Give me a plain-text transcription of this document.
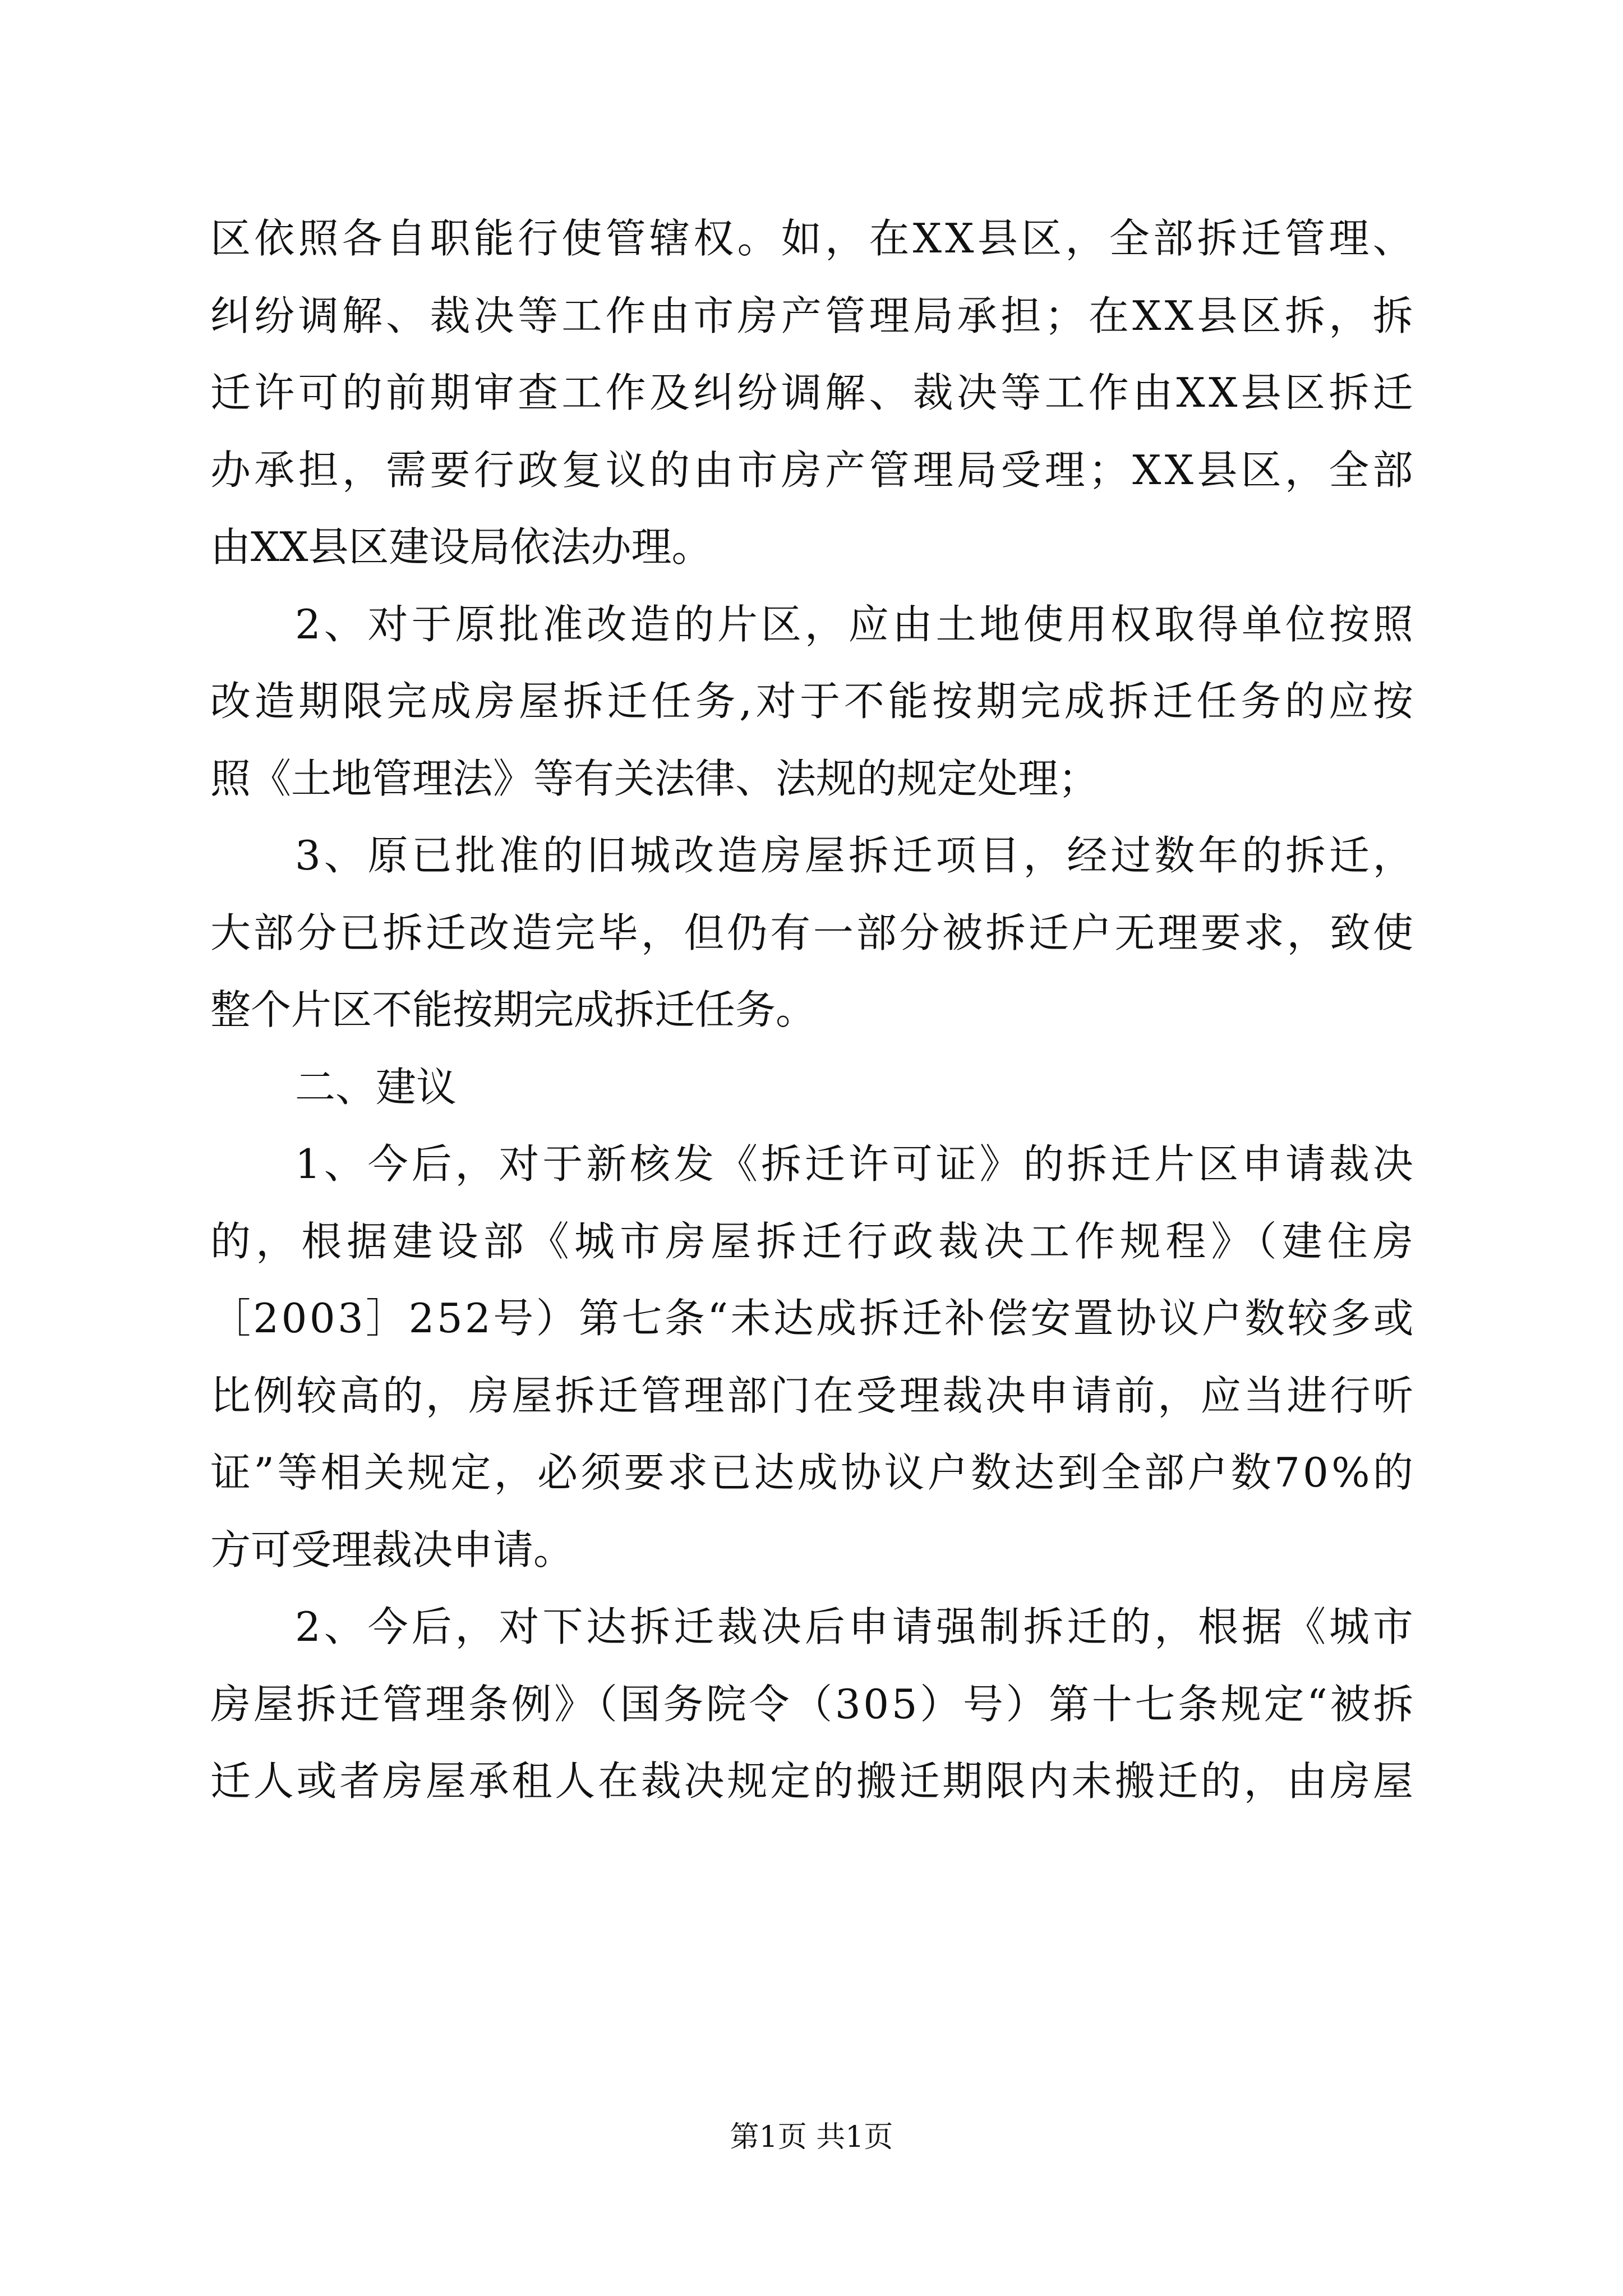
区依照各自职能行使管辖权。如，在XX县区，全部拆迁管理、
纠纷调解、裁决等工作由市房产管理局承担；在XX县区拆，拆
迁许可的前期审查工作及纠纷调解、裁决等工作由XX县区拆迁
办承担，需要行政复议的由市房产管理局受理；XX县区，全部
由XX县区建设局依法办理。
2、对于原批准改造的片区，应由土地使用权取得单位按照
改造期限完成房屋拆迁任务,对于不能按期完成拆迁任务的应按
照《土地管理法》等有关法律、法规的规定处理；
3、原已批准的旧城改造房屋拆迁项目，经过数年的拆迁，
大部分已拆迁改造完毕，但仍有一部分被拆迁户无理要求，致使
整个片区不能按期完成拆迁任务。
二、建议
1、今后，对于新核发《拆迁许可证》的拆迁片区申请裁决
的，根据建设部《城市房屋拆迁行政裁决工作规程》（建住房
［2003］252号）第七条“未达成拆迁补偿安置协议户数较多或
比例较高的，房屋拆迁管理部门在受理裁决申请前，应当进行听
证”等相关规定，必须要求已达成协议户数达到全部户数70%的
方可受理裁决申请。
2、今后，对下达拆迁裁决后申请强制拆迁的，根据《城市
房屋拆迁管理条例》（国务院令（305）号）第十七条规定“被拆
迁人或者房屋承租人在裁决规定的搬迁期限内未搬迁的，由房屋
第1页 共1页
